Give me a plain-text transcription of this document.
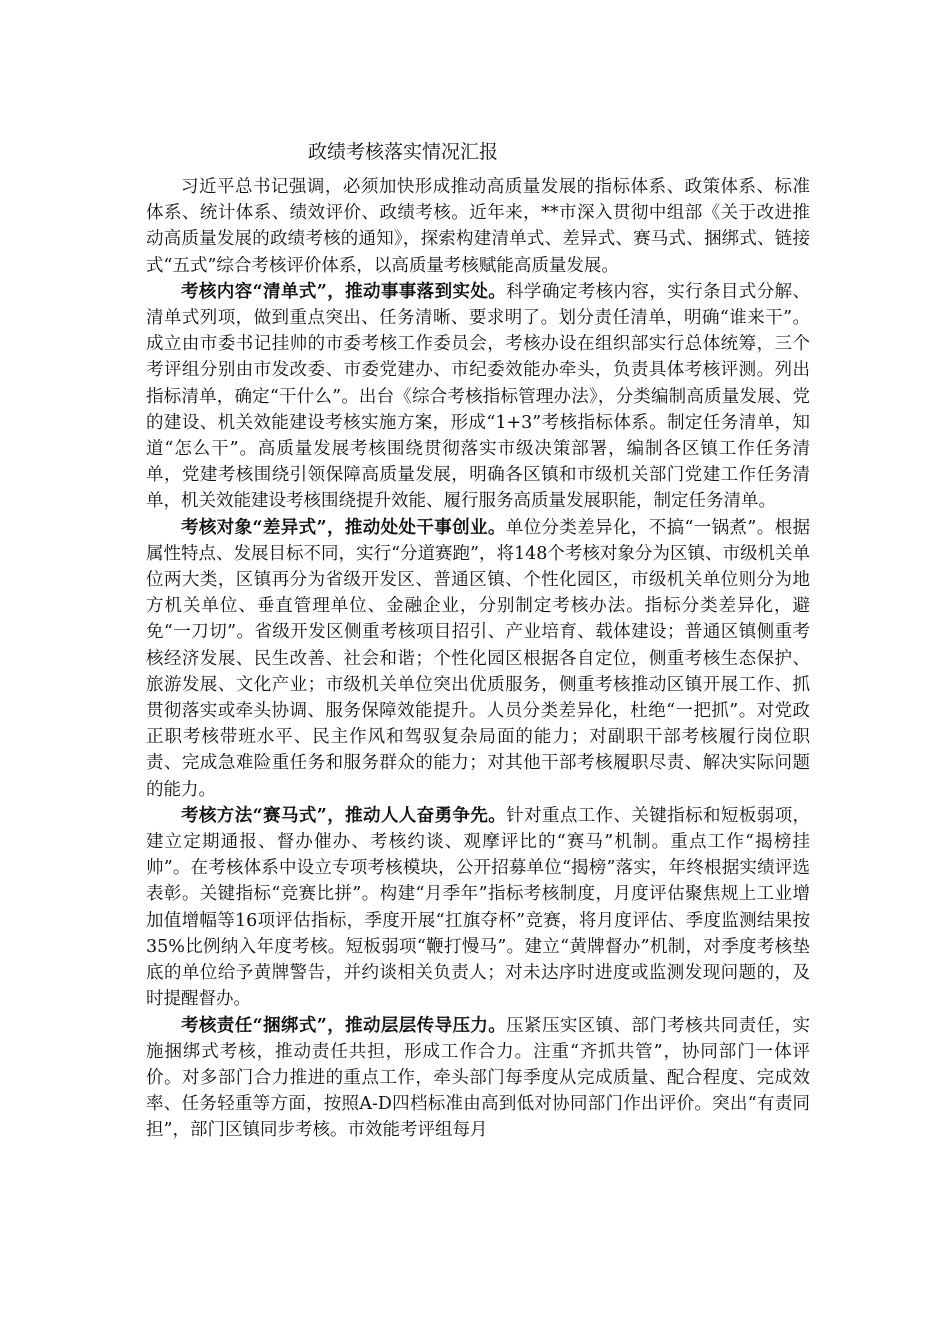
政绩考核落实情况汇报

习近平总书记强调，必须加快形成推动高质量发展的指标体系、政策体系、标准体系、统计体系、绩效评价、政绩考核。近年来，**市深入贯彻中组部《关于改进推动高质量发展的政绩考核的通知》，探索构建清单式、差异式、赛马式、捆绑式、链接式“五式”综合考核评价体系，以高质量考核赋能高质量发展。

考核内容“清单式”，推动事事落到实处。科学确定考核内容，实行条目式分解、清单式列项，做到重点突出、任务清晰、要求明了。划分责任清单，明确“谁来干”。成立由市委书记挂帅的市委考核工作委员会，考核办设在组织部实行总体统筹，三个考评组分别由市发改委、市委党建办、市纪委效能办牵头，负责具体考核评测。列出指标清单，确定“干什么”。出台《综合考核指标管理办法》，分类编制高质量发展、党的建设、机关效能建设考核实施方案，形成“1+3”考核指标体系。制定任务清单，知道“怎么干”。高质量发展考核围绕贯彻落实市级决策部署，编制各区镇工作任务清单，党建考核围绕引领保障高质量发展，明确各区镇和市级机关部门党建工作任务清单，机关效能建设考核围绕提升效能、履行服务高质量发展职能，制定任务清单。

考核对象“差异式”，推动处处干事创业。单位分类差异化，不搞“一锅煮”。根据属性特点、发展目标不同，实行“分道赛跑”，将148个考核对象分为区镇、市级机关单位两大类，区镇再分为省级开发区、普通区镇、个性化园区，市级机关单位则分为地方机关单位、垂直管理单位、金融企业，分别制定考核办法。指标分类差异化，避免“一刀切”。省级开发区侧重考核项目招引、产业培育、载体建设；普通区镇侧重考核经济发展、民生改善、社会和谐；个性化园区根据各自定位，侧重考核生态保护、旅游发展、文化产业；市级机关单位突出优质服务，侧重考核推动区镇开展工作、抓贯彻落实或牵头协调、服务保障效能提升。人员分类差异化，杜绝“一把抓”。对党政正职考核带班水平、民主作风和驾驭复杂局面的能力；对副职干部考核履行岗位职责、完成急难险重任务和服务群众的能力；对其他干部考核履职尽责、解决实际问题的能力。

考核方法“赛马式”，推动人人奋勇争先。针对重点工作、关键指标和短板弱项，建立定期通报、督办催办、考核约谈、观摩评比的“赛马”机制。重点工作“揭榜挂帅”。在考核体系中设立专项考核模块，公开招募单位“揭榜”落实，年终根据实绩评选表彰。关键指标“竞赛比拼”。构建“月季年”指标考核制度，月度评估聚焦规上工业增加值增幅等16项评估指标，季度开展“扛旗夺杯”竞赛，将月度评估、季度监测结果按35%比例纳入年度考核。短板弱项“鞭打慢马”。建立“黄牌督办”机制，对季度考核垫底的单位给予黄牌警告，并约谈相关负责人；对未达序时进度或监测发现问题的，及时提醒督办。

考核责任“捆绑式”，推动层层传导压力。压紧压实区镇、部门考核共同责任，实施捆绑式考核，推动责任共担，形成工作合力。注重“齐抓共管”，协同部门一体评价。对多部门合力推进的重点工作，牵头部门每季度从完成质量、配合程度、完成效率、任务轻重等方面，按照A-D四档标准由高到低对协同部门作出评价。突出“有责同担”，部门区镇同步考核。市效能考评组每月
